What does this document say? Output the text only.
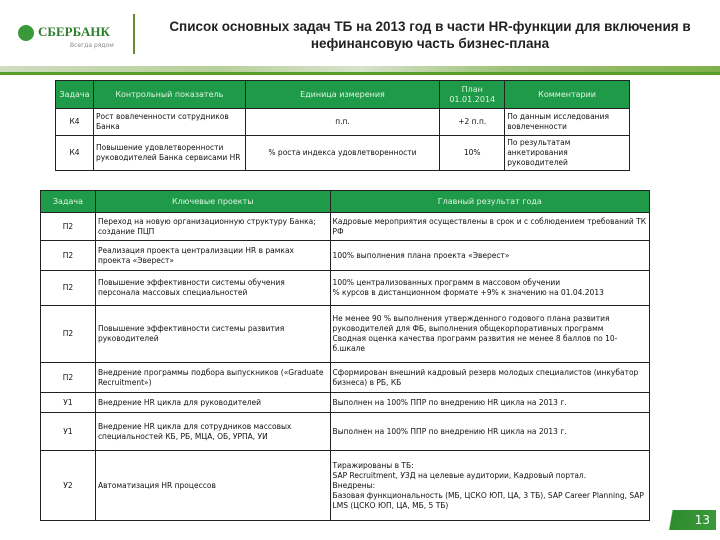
СБЕРБАНК
Всегда рядом
Список основных задач ТБ на 2013 год в части HR-функции для включения в нефинансовую часть бизнес-плана
Задача	Контрольный показатель	Единица измерения	План 01.01.2014	Комментарии
К4	Рост вовлеченности сотрудников Банка	п.п.	+2 п.п.	По данным исследования вовлеченности
К4	Повышение удовлетворенности руководителей Банка сервисами HR	% роста индекса удовлетворенности	10%	По результатам анкетирования руководителей
Задача	Ключевые проекты	Главный результат года
П2	Переход на новую организационную структуру Банка; создание ПЦП	Кадровые мероприятия осуществлены в срок и с соблюдением требований ТК РФ
П2	Реализация проекта централизации HR в рамках проекта «Эверест»	100% выполнения плана проекта «Эверест»
П2	Повышение эффективности системы обучения персонала массовых специальностей	100% централизованных программ в массовом обучении
% курсов в дистанционном формате +9% к значению на 01.04.2013
П2	Повышение эффективности системы развития руководителей	Не менее 90 % выполнения утвержденного годового плана развития руководителей для ФБ, выполнения общекорпоративных программ
Сводная оценка качества программ развития не менее 8 баллов по 10-б.шкале
П2	Внедрение программы подбора выпускников («Graduate Recruitment»)	Сформирован внешний кадровый резерв молодых специалистов (инкубатор бизнеса) в РБ, КБ
У1	Внедрение HR цикла для руководителей	Выполнен на 100% ППР по внедрению HR цикла на 2013 г.
У1	Внедрение HR цикла для сотрудников массовых специальностей КБ, РБ, МЦА, ОБ, УРПА, УИ	Выполнен на 100% ППР по внедрению HR цикла на 2013 г.
У2	Автоматизация HR процессов	Тиражированы в ТБ:
SAP Recruitment, УЗД на целевые аудитории, Кадровый портал.
Внедрены:
Базовая функциональность (МБ, ЦСКО ЮП, ЦА, 3 ТБ), SAP Career Planning, SAP LMS (ЦСКО ЮП, ЦА, МБ, 5 ТБ)
13
